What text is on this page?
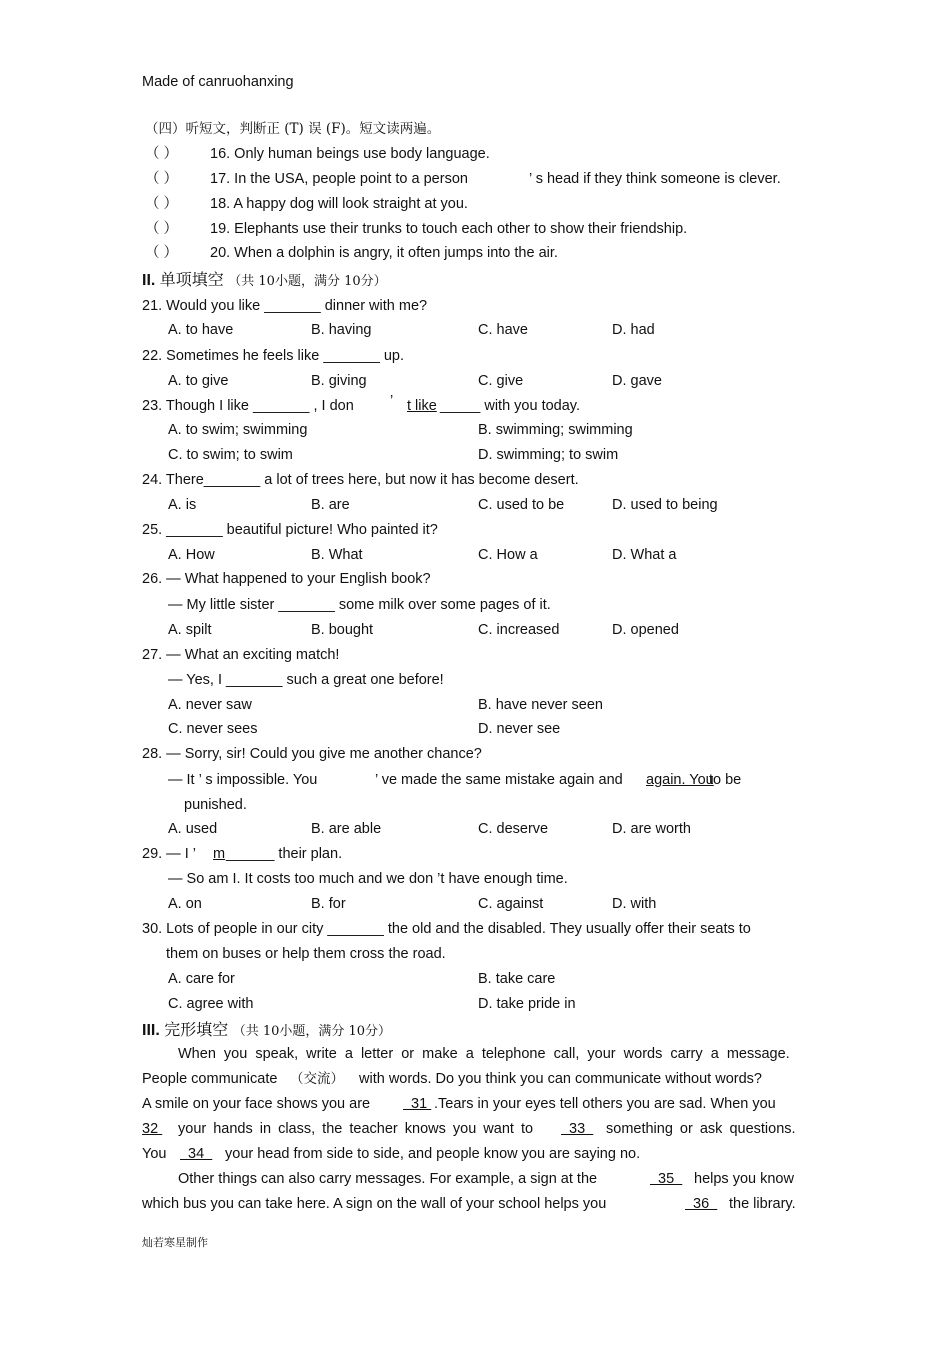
Made of canruohanxing
（四）听短文，判断正 (T) 误 (F)。短文读两遍。
（ ） 16. Only human beings use body language.
（ ） 17. In the USA, people point to a person	’ s head if they think someone is clever.
（ ） 18. A happy dog will look straight at you.
（ ） 19. Elephants use their trunks to touch each other to show their friendship.
（ ） 20. When a dolphin is angry, it often jumps into the air.
II. 单项填空 （共 10小题，满分 10分）
21. Would you like _______ dinner with me?
A. to have	B. having	C. have	D. had
22. Sometimes he feels like _______ up.
A. to give	B. giving	C. give	D. gave
23. Though I like _______ , I don ’ t like _____ with you today.
A. to swim; swimming	B. swimming; swimming
C. to swim; to swim	D. swimming; to swim
24. There_______ a lot of trees here, but now it has become desert.
A. is	B. are	C. used to be	D. used to being
25. _______ beautiful picture! Who painted it?
A. How	B. What	C. How a	D. What a
26. — What happened to your English book?
— My little sister _______ some milk over some pages of it.
A. spilt	B. bought	C. increased	D. opened
27. — What an exciting match!
— Yes, I _______ such a great one before!
A. never saw	B. have never seen
C. never sees	D. never see
28. — Sorry, sir! Could you give me another chance?
— It ’ s impossible. You	’ ve made the same mistake again and again. You
to be
punished.
A. used	B. are able	C. deserve	D. are worth
29. — I ’ m ______ their plan.
— So am I. It costs too much and we don ’t have enough time.
A. on	B. for	C. against	D. with
30. Lots of people in our city _______ the old and the disabled. They usually offer their seats to
them on buses or help them cross the road.
A. care for	B. take care
C. agree with	D. take pride in
III. 完形填空 （共 10小题，满分 10分）
When  you  speak,  write  a  letter  or  make  a  telephone  call,  your  words  carry  a  message.
People communicate （交流） with words. Do you think you can communicate without words?
A smile on your face shows you are 31 .Tears in your eyes tell others you are sad. When you
32 your hands in class, the teacher knows you want to 33 something or ask questions.
You 34 your head from side to side, and people know you are saying no.
Other things can also carry messages. For example, a sign at the	35 helps you know
which bus you can take here. A sign on the wall of your school helps you	36 the library.
灿若寒星制作
